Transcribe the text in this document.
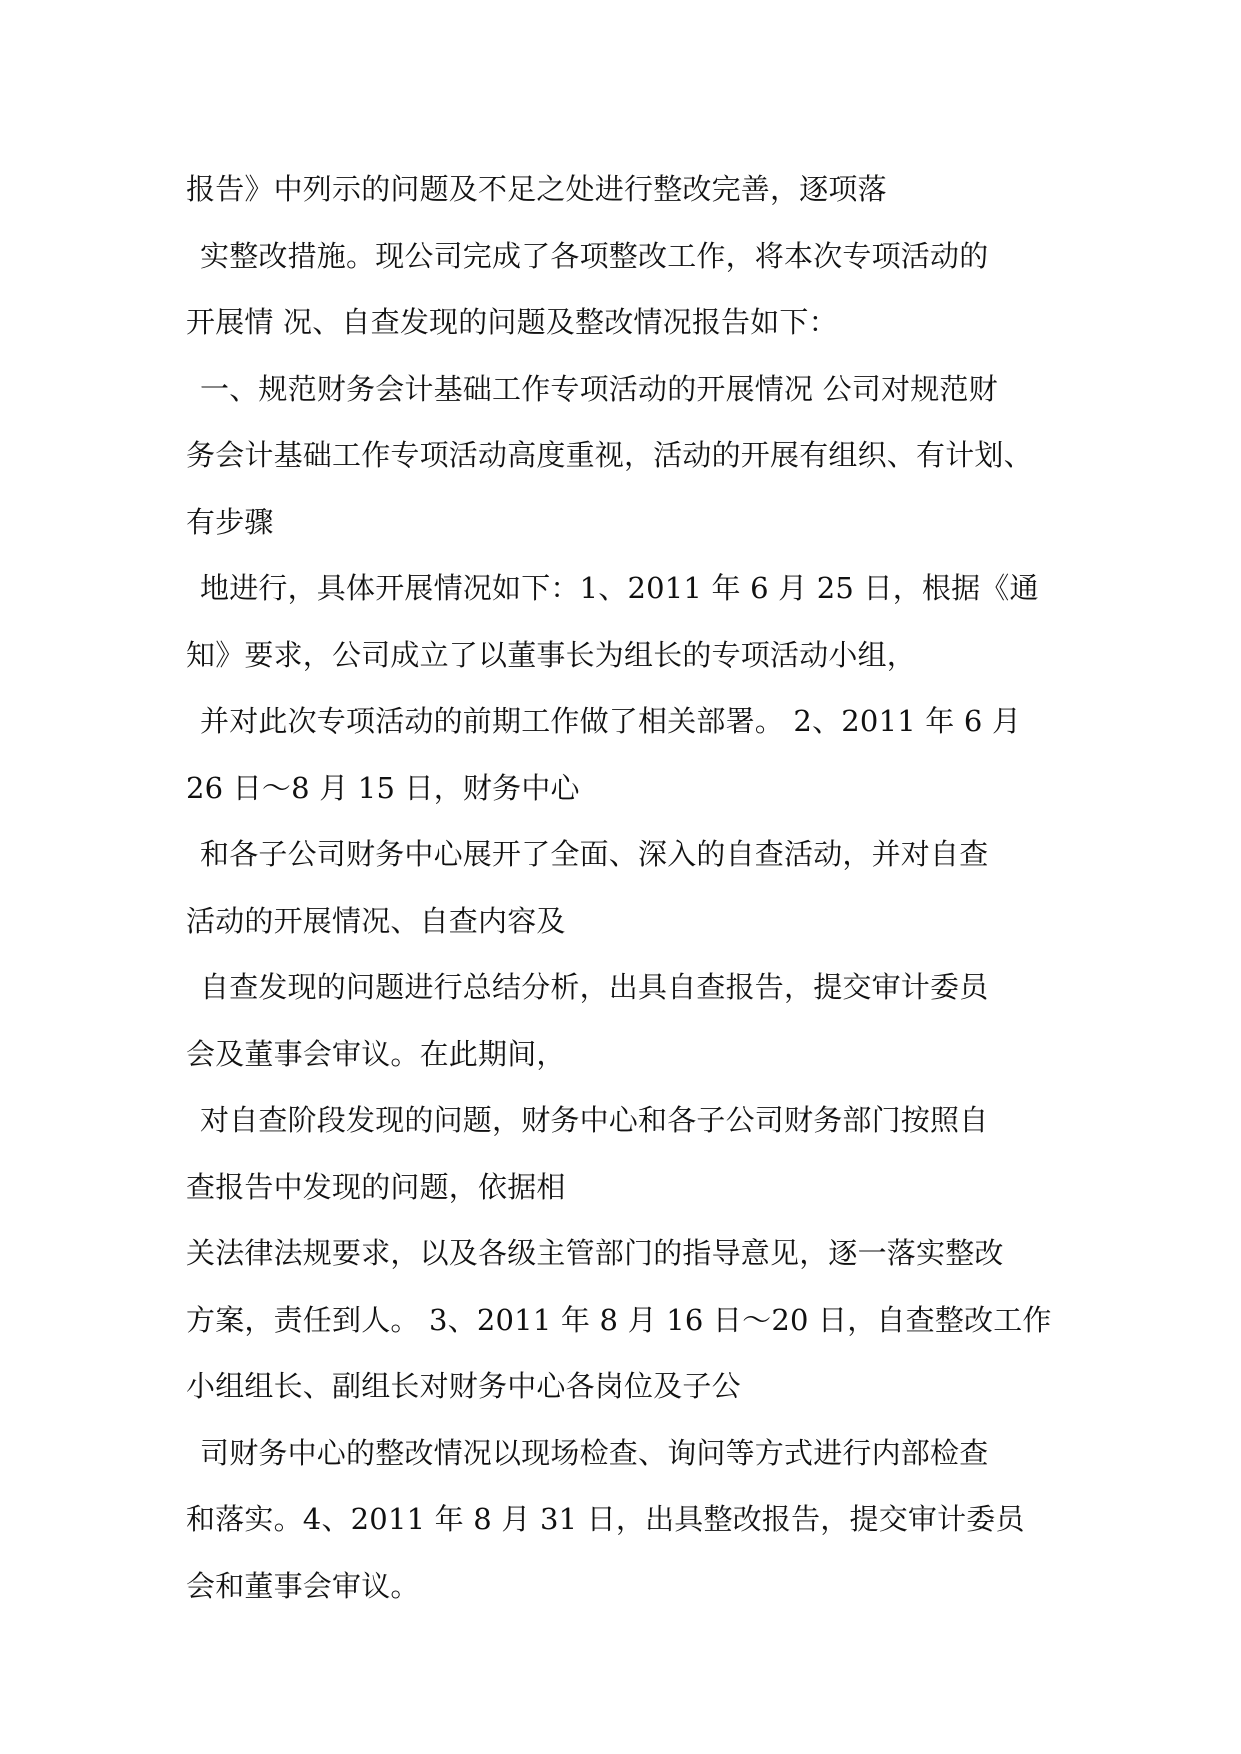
报告》中列示的问题及不足之处进行整改完善，逐项落
实整改措施。现公司完成了各项整改工作，将本次专项活动的
开展情 况、自查发现的问题及整改情况报告如下：
一、规范财务会计基础工作专项活动的开展情况 公司对规范财
务会计基础工作专项活动高度重视，活动的开展有组织、有计划、
有步骤
地进行，具体开展情况如下：1、2011 年 6 月 25 日，根据《通
知》要求，公司成立了以董事长为组长的专项活动小组，
并对此次专项活动的前期工作做了相关部署。 2、2011 年 6 月
26 日～8 月 15 日，财务中心
和各子公司财务中心展开了全面、深入的自查活动，并对自查
活动的开展情况、自查内容及
自查发现的问题进行总结分析，出具自查报告，提交审计委员
会及董事会审议。在此期间，
对自查阶段发现的问题，财务中心和各子公司财务部门按照自
查报告中发现的问题，依据相
关法律法规要求，以及各级主管部门的指导意见，逐一落实整改
方案，责任到人。 3、2011 年 8 月 16 日～20 日，自查整改工作
小组组长、副组长对财务中心各岗位及子公
司财务中心的整改情况以现场检查、询问等方式进行内部检查
和落实。4、2011 年 8 月 31 日，出具整改报告，提交审计委员
会和董事会审议。
